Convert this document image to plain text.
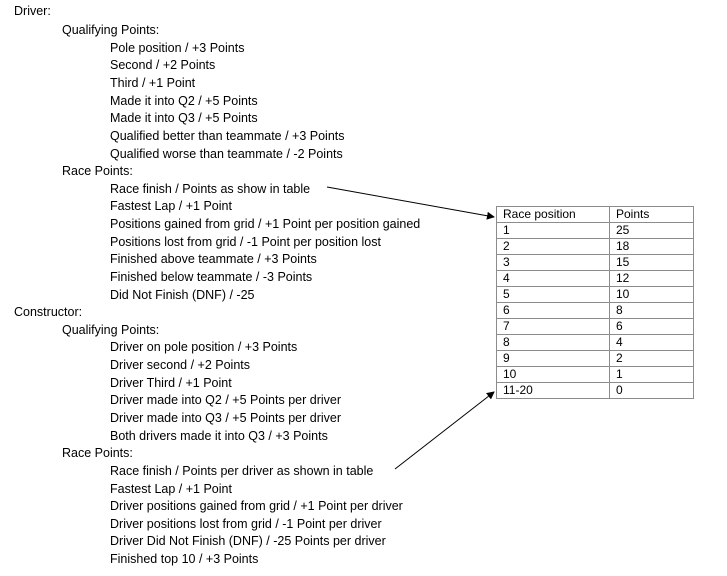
Driver:
Qualifying Points:
Pole position / +3 Points
Second / +2 Points
Third / +1 Point
Made it into Q2 / +5 Points
Made it into Q3 / +5 Points
Qualified better than teammate / +3 Points
Qualified worse than teammate / -2 Points
Race Points:
Race finish / Points as show in table
Fastest Lap / +1 Point
Positions gained from grid / +1 Point per position gained
Positions lost from grid / -1 Point per position lost
Finished above teammate / +3 Points
Finished below teammate / -3 Points
Did Not Finish (DNF) / -25
Constructor:
Qualifying Points:
Driver on pole position / +3 Points
Driver second / +2 Points
Driver Third / +1 Point
Driver made into Q2 / +5 Points per driver
Driver made into Q3 / +5 Points per driver
Both drivers made it into Q3 / +3 Points
Race Points:
Race finish / Points per driver as shown in table
Fastest Lap / +1 Point
Driver positions gained from grid / +1 Point per driver
Driver positions lost from grid / -1 Point per driver
Driver Did Not Finish (DNF) / -25 Points per driver
Finished top 10 / +3 Points
Race position	Points
1	25
2	18
3	15
4	12
5	10
6	8
7	6
8	4
9	2
10	1
11-20	0
